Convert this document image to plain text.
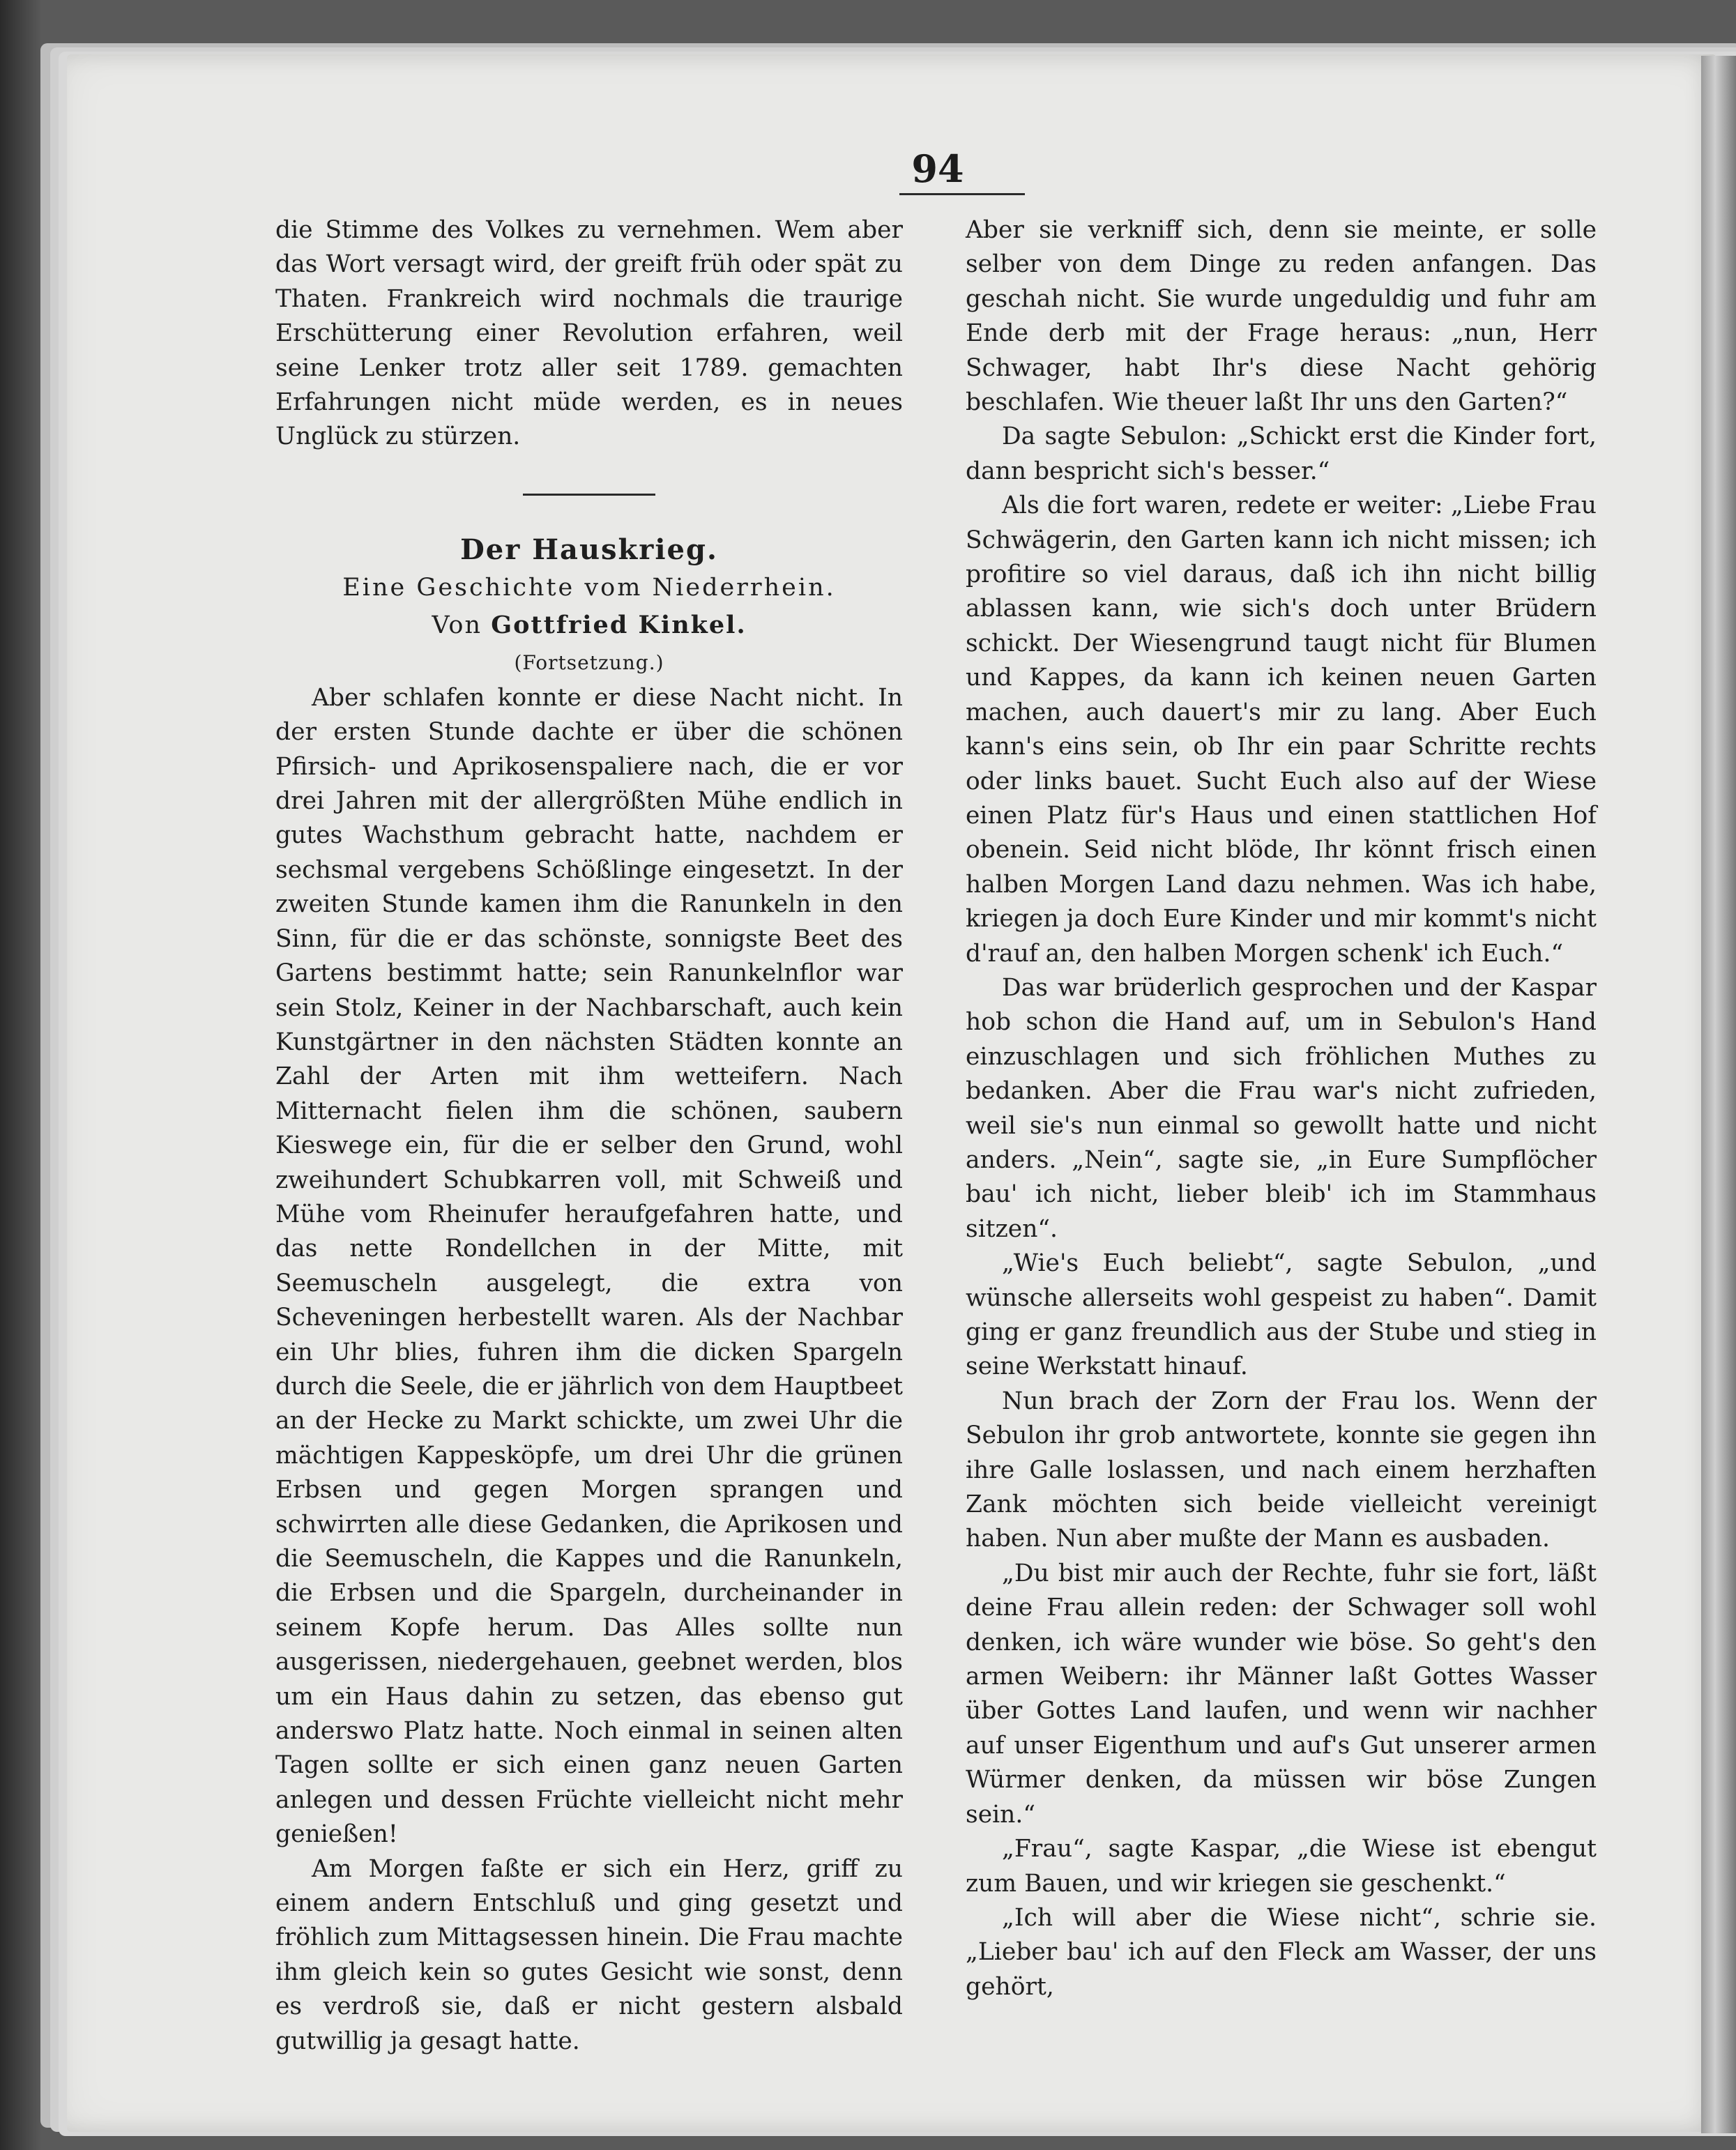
94

die Stimme des Volkes zu vernehmen. Wem aber das Wort versagt wird, der greift früh oder spät zu Thaten. Frankreich wird nochmals die traurige Erschütterung einer Revolution erfahren, weil seine Lenker trotz aller seit 1789. gemachten Erfahrungen nicht müde werden, es in neues Unglück zu stürzen.

Der Hauskrieg.
Eine Geschichte vom Niederrhein.
Von Gottfried Kinkel.
(Fortsetzung.)

Aber schlafen konnte er diese Nacht nicht. In der ersten Stunde dachte er über die schönen Pfirsich- und Aprikosenspaliere nach, die er vor drei Jahren mit der allergrößten Mühe endlich in gutes Wachsthum gebracht hatte, nachdem er sechsmal vergebens Schößlinge eingesetzt. In der zweiten Stunde kamen ihm die Ranunkeln in den Sinn, für die er das schönste, sonnigste Beet des Gartens bestimmt hatte; sein Ranunkelnflor war sein Stolz, Keiner in der Nachbarschaft, auch kein Kunstgärtner in den nächsten Städten konnte an Zahl der Arten mit ihm wetteifern. Nach Mitternacht fielen ihm die schönen, saubern Kieswege ein, für die er selber den Grund, wohl zweihundert Schubkarren voll, mit Schweiß und Mühe vom Rheinufer heraufgefahren hatte, und das nette Rondellchen in der Mitte, mit Seemuscheln ausgelegt, die extra von Scheveningen herbestellt waren. Als der Nachbar ein Uhr blies, fuhren ihm die dicken Spargeln durch die Seele, die er jährlich von dem Hauptbeet an der Hecke zu Markt schickte, um zwei Uhr die mächtigen Kappesköpfe, um drei Uhr die grünen Erbsen und gegen Morgen sprangen und schwirrten alle diese Gedanken, die Aprikosen und die Seemuscheln, die Kappes und die Ranunkeln, die Erbsen und die Spargeln, durcheinander in seinem Kopfe herum. Das Alles sollte nun ausgerissen, niedergehauen, geebnet werden, blos um ein Haus dahin zu setzen, das ebenso gut anderswo Platz hatte. Noch einmal in seinen alten Tagen sollte er sich einen ganz neuen Garten anlegen und dessen Früchte vielleicht nicht mehr genießen!

Am Morgen faßte er sich ein Herz, griff zu einem andern Entschluß und ging gesetzt und fröhlich zum Mittagsessen hinein. Die Frau machte ihm gleich kein so gutes Gesicht wie sonst, denn es verdroß sie, daß er nicht gestern alsbald gutwillig ja gesagt hatte.

Aber sie verkniff sich, denn sie meinte, er solle selber von dem Dinge zu reden anfangen. Das geschah nicht. Sie wurde ungeduldig und fuhr am Ende derb mit der Frage heraus: „nun, Herr Schwager, habt Ihr's diese Nacht gehörig beschlafen. Wie theuer laßt Ihr uns den Garten?“

Da sagte Sebulon: „Schickt erst die Kinder fort, dann bespricht sich's besser.“

Als die fort waren, redete er weiter: „Liebe Frau Schwägerin, den Garten kann ich nicht missen; ich profitire so viel daraus, daß ich ihn nicht billig ablassen kann, wie sich's doch unter Brüdern schickt. Der Wiesengrund taugt nicht für Blumen und Kappes, da kann ich keinen neuen Garten machen, auch dauert's mir zu lang. Aber Euch kann's eins sein, ob Ihr ein paar Schritte rechts oder links bauet. Sucht Euch also auf der Wiese einen Platz für's Haus und einen stattlichen Hof obenein. Seid nicht blöde, Ihr könnt frisch einen halben Morgen Land dazu nehmen. Was ich habe, kriegen ja doch Eure Kinder und mir kommt's nicht d'rauf an, den halben Morgen schenk' ich Euch.“

Das war brüderlich gesprochen und der Kaspar hob schon die Hand auf, um in Sebulon's Hand einzuschlagen und sich fröhlichen Muthes zu bedanken. Aber die Frau war's nicht zufrieden, weil sie's nun einmal so gewollt hatte und nicht anders. „Nein“, sagte sie, „in Eure Sumpflöcher bau' ich nicht, lieber bleib' ich im Stammhaus sitzen“.

„Wie's Euch beliebt“, sagte Sebulon, „und wünsche allerseits wohl gespeist zu haben“. Damit ging er ganz freundlich aus der Stube und stieg in seine Werkstatt hinauf.

Nun brach der Zorn der Frau los. Wenn der Sebulon ihr grob antwortete, konnte sie gegen ihn ihre Galle loslassen, und nach einem herzhaften Zank möchten sich beide vielleicht vereinigt haben. Nun aber mußte der Mann es ausbaden.

„Du bist mir auch der Rechte, fuhr sie fort, läßt deine Frau allein reden: der Schwager soll wohl denken, ich wäre wunder wie böse. So geht's den armen Weibern: ihr Männer laßt Gottes Wasser über Gottes Land laufen, und wenn wir nachher auf unser Eigenthum und auf's Gut unserer armen Würmer denken, da müssen wir böse Zungen sein.“

„Frau“, sagte Kaspar, „die Wiese ist ebengut zum Bauen, und wir kriegen sie geschenkt.“

„Ich will aber die Wiese nicht“, schrie sie. „Lieber bau' ich auf den Fleck am Wasser, der uns gehört,
